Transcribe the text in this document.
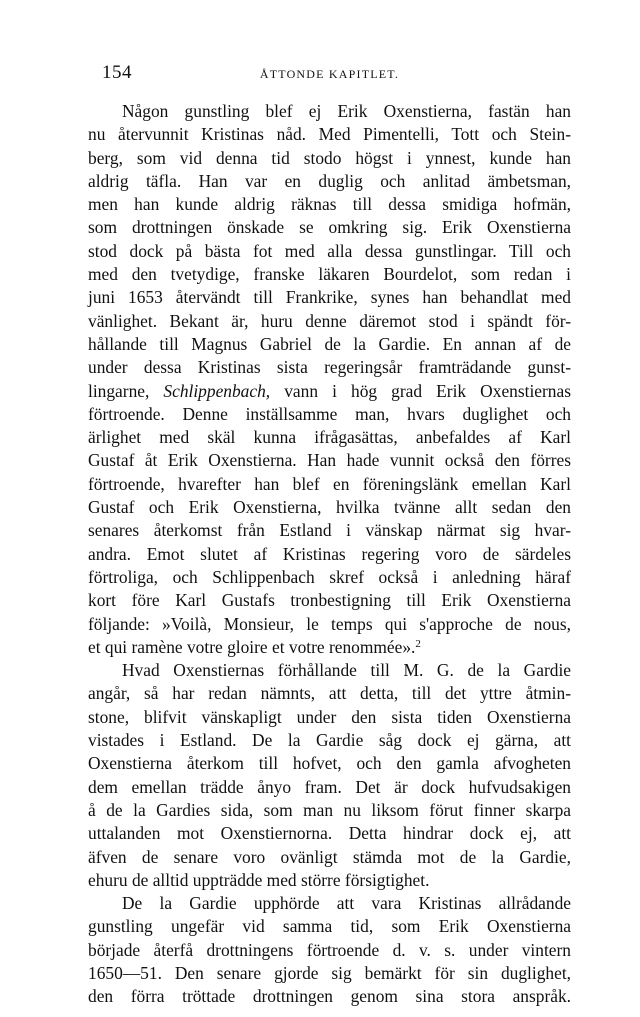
154	ÅTTONDE KAPITLET.

Någon gunstling blef ej Erik Oxenstierna, fastän han
nu återvunnit Kristinas nåd. Med Pimentelli, Tott och Stein-
berg, som vid denna tid stodo högst i ynnest, kunde han
aldrig täfla. Han var en duglig och anlitad ämbetsman,
men han kunde aldrig räknas till dessa smidiga hofmän,
som drottningen önskade se omkring sig. Erik Oxenstierna
stod dock på bästa fot med alla dessa gunstlingar. Till och
med den tvetydige, franske läkaren Bourdelot, som redan i
juni 1653 återvändt till Frankrike, synes han behandlat med
vänlighet. Bekant är, huru denne däremot stod i spändt för-
hållande till Magnus Gabriel de la Gardie. En annan af de
under dessa Kristinas sista regeringsår framträdande gunst-
lingarne, Schlippenbach, vann i hög grad Erik Oxenstiernas
förtroende. Denne inställsamme man, hvars duglighet och
ärlighet med skäl kunna ifrågasättas, anbefaldes af Karl
Gustaf åt Erik Oxenstierna. Han hade vunnit också den förres
förtroende, hvarefter han blef en föreningslänk emellan Karl
Gustaf och Erik Oxenstierna, hvilka tvänne allt sedan den
senares återkomst från Estland i vänskap närmat sig hvar-
andra. Emot slutet af Kristinas regering voro de särdeles
förtroliga, och Schlippenbach skref också i anledning häraf
kort före Karl Gustafs tronbestigning till Erik Oxenstierna
följande: »Voilà, Monsieur, le temps qui s'approche de nous,
et qui ramène votre gloire et votre renommée».$^2$

Hvad Oxenstiernas förhållande till M. G. de la Gardie
angår, så har redan nämnts, att detta, till det yttre åtmin-
stone, blifvit vänskapligt under den sista tiden Oxenstierna
vistades i Estland. De la Gardie såg dock ej gärna, att
Oxenstierna återkom till hofvet, och den gamla afvogheten
dem emellan trädde ånyo fram. Det är dock hufvudsakigen
å de la Gardies sida, som man nu liksom förut finner skarpa
uttalanden mot Oxenstiernorna. Detta hindrar dock ej, att
äfven de senare voro ovänligt stämda mot de la Gardie,
ehuru de alltid uppträdde med större försigtighet.

De la Gardie upphörde att vara Kristinas allrådande
gunstling ungefär vid samma tid, som Erik Oxenstierna
började återfå drottningens förtroende d. v. s. under vintern
1650—51. Den senare gjorde sig bemärkt för sin duglighet,
den förra tröttade drottningen genom sina stora anspråk.
